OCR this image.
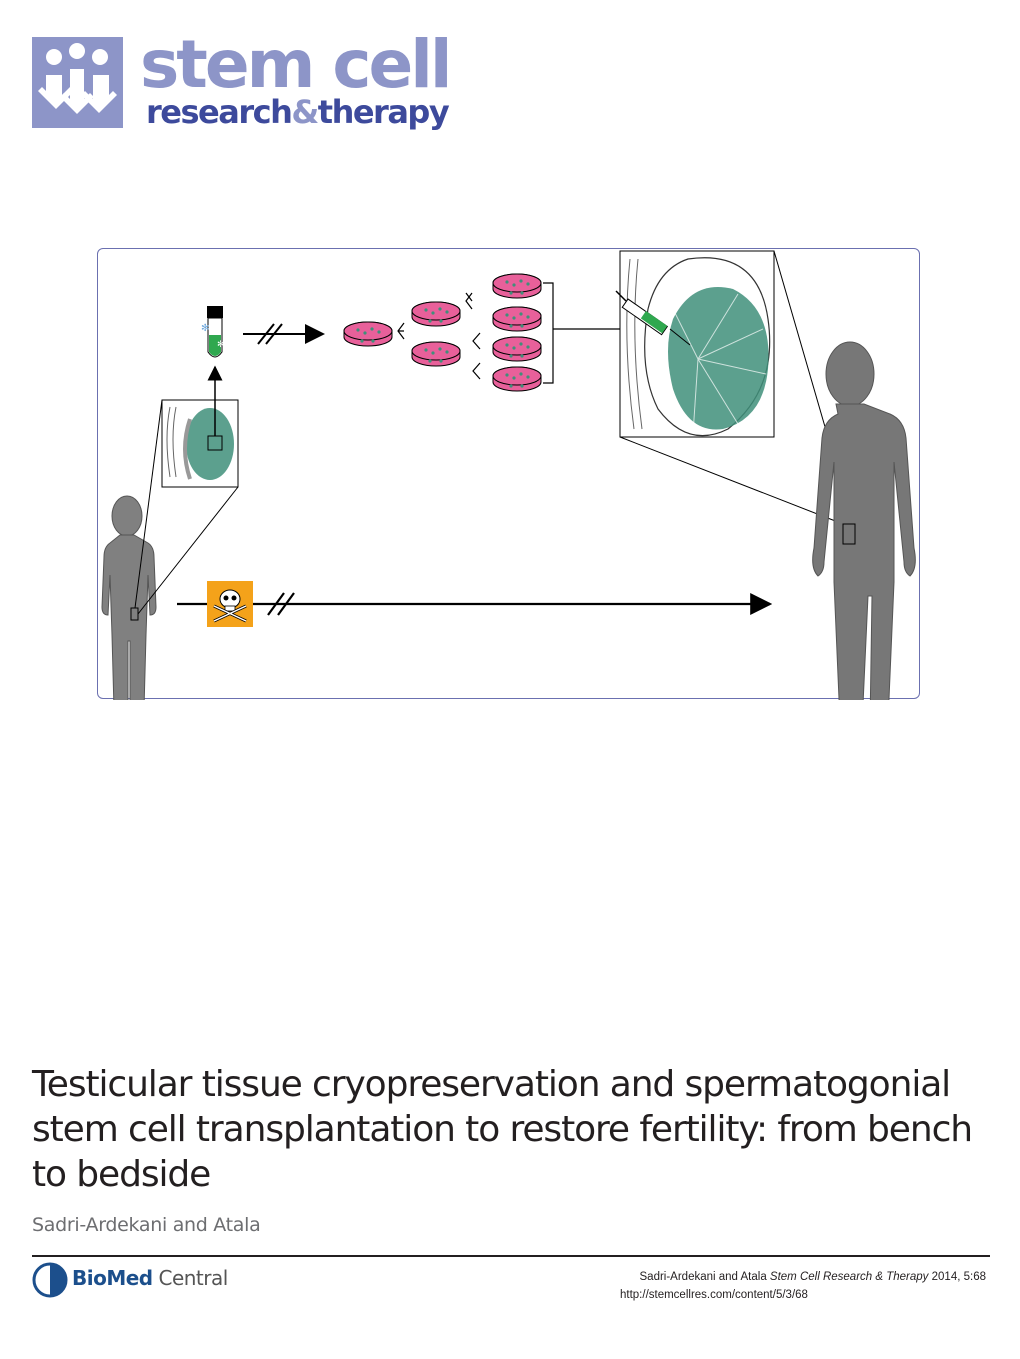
stem cell
research&therapy
✻
✻
Testicular tissue cryopreservation and spermatogonial stem cell transplantation to restore fertility: from bench to bedside
Sadri-Ardekani and Atala
BioMed Central	Sadri-Ardekani and Atala Stem Cell Research & Therapy 2014, 5:68
http://stemcellres.com/content/5/3/68
